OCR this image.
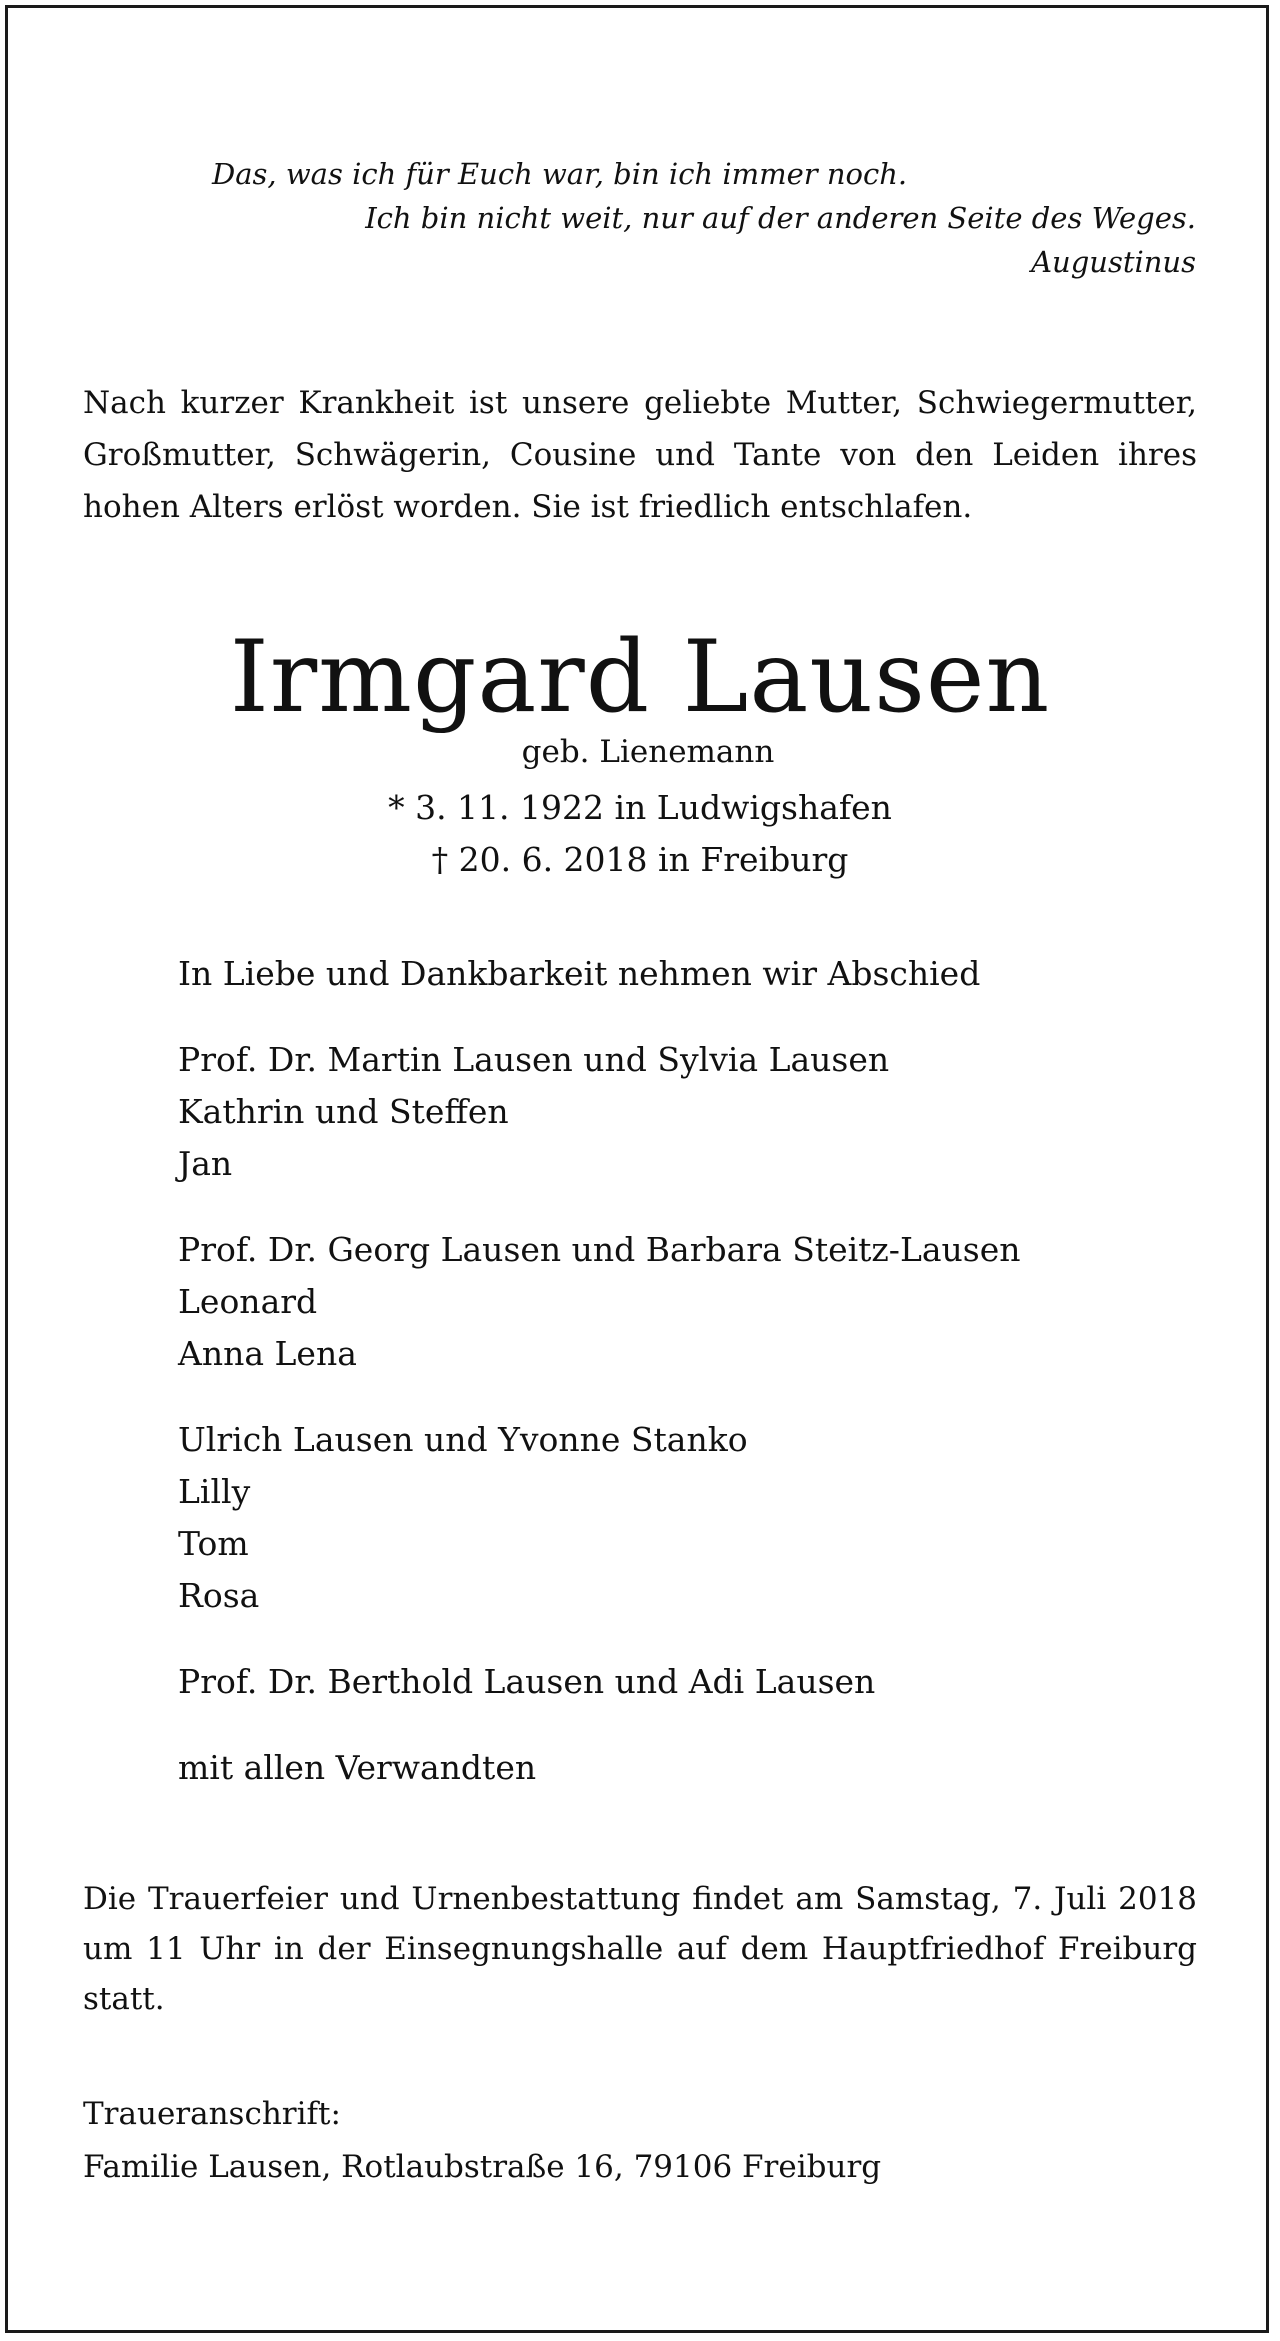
Das, was ich für Euch war, bin ich immer noch.
Ich bin nicht weit, nur auf der anderen Seite des Weges.
Augustinus
Nach kurzer Krankheit ist unsere geliebte Mutter, Schwiegermutter, Großmutter, Schwägerin, Cousine und Tante von den Leiden ihres hohen Alters erlöst worden. Sie ist friedlich entschlafen.
Irmgard Lausen
geb. Lienemann
* 3. 11. 1922 in Ludwigshafen
† 20. 6. 2018 in Freiburg
In Liebe und Dankbarkeit nehmen wir Abschied
Prof. Dr. Martin Lausen und Sylvia Lausen
Kathrin und Steffen
Jan
Prof. Dr. Georg Lausen und Barbara Steitz-Lausen
Leonard
Anna Lena
Ulrich Lausen und Yvonne Stanko
Lilly
Tom
Rosa
Prof. Dr. Berthold Lausen und Adi Lausen
mit allen Verwandten
Die Trauerfeier und Urnenbestattung findet am Samstag, 7. Juli 2018 um 11 Uhr in der Einsegnungshalle auf dem Hauptfriedhof Freiburg statt.
Traueranschrift:
Familie Lausen, Rotlaubstraße 16, 79106 Freiburg
